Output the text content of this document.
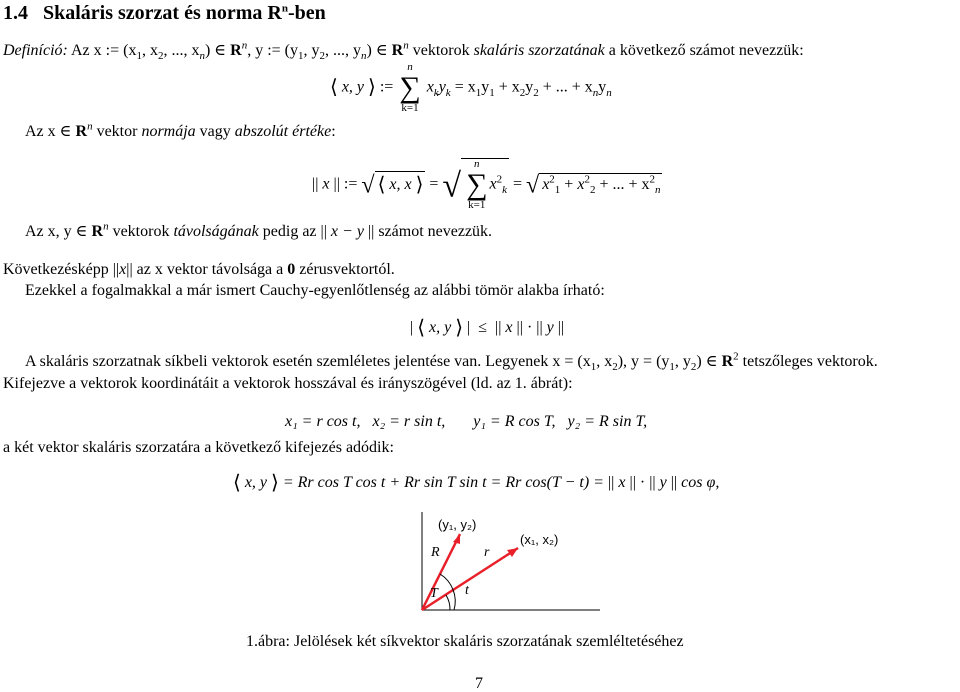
1.4 Skaláris szorzat és norma $R^n$-ben
Definíció: Az x := ($x_1$, $x_2$, ..., $x_n$) ∈ $R^n$, y := ($y_1$, $y_2$, ..., $y_n$) ∈ $R^n$ vektorok skaláris szorzatának a következő számot nevezzük:
⟨ x, y ⟩ :=
n
∑
k=1
$x_ky_k = x_1y_1 + x_2y_2$ + ... + $x_ny_n$
Az x ∈ $R^n$ vektor normája vagy abszolút értéke:
|| x || := √ ⟨ x, x ⟩ = √
n
∑
k=1
$x^2_k$ = √ $x^2_1 + x^2_2$ + ... + $x^2_n$
Az x, y ∈ $R^n$ vektorok távolságának pedig az || x − y || számot nevezzük.
Következésképp ||x|| az x vektor távolsága a 0 zérusvektortól.
Ezekkel a fogalmakkal a már ismert Cauchy-egyenlőtlenség az alábbi tömör alakba írható:
| ⟨ x, y ⟩ |  ≤  || x || · || y ||
A skaláris szorzatnak síkbeli vektorok esetén szemléletes jelentése van. Legyenek $x = (x_1$, $x_2$), $y = (y_1$, $y_2$) ∈ $R^2$ tetszőleges vektorok.
Kifejezve a vektorok koordinátáit a vektorok hosszával és irányszögével (ld. az 1. ábrát):
x₁ = r cos t,   x₂ = r sin t,       y₁ = R cos T,   y₂ = R sin T,
a két vektor skaláris szorzatára a következő kifejezés adódik:
⟨ x, y ⟩ = Rr cos T cos t + Rr sin T sin t = Rr cos(T − t) = || x || · || y || cos φ,
(y₁, y₂)
(x₁, x₂)
R	r
T t
1.ábra: Jelölések két síkvektor skaláris szorzatának szemléltetéséhez
7
